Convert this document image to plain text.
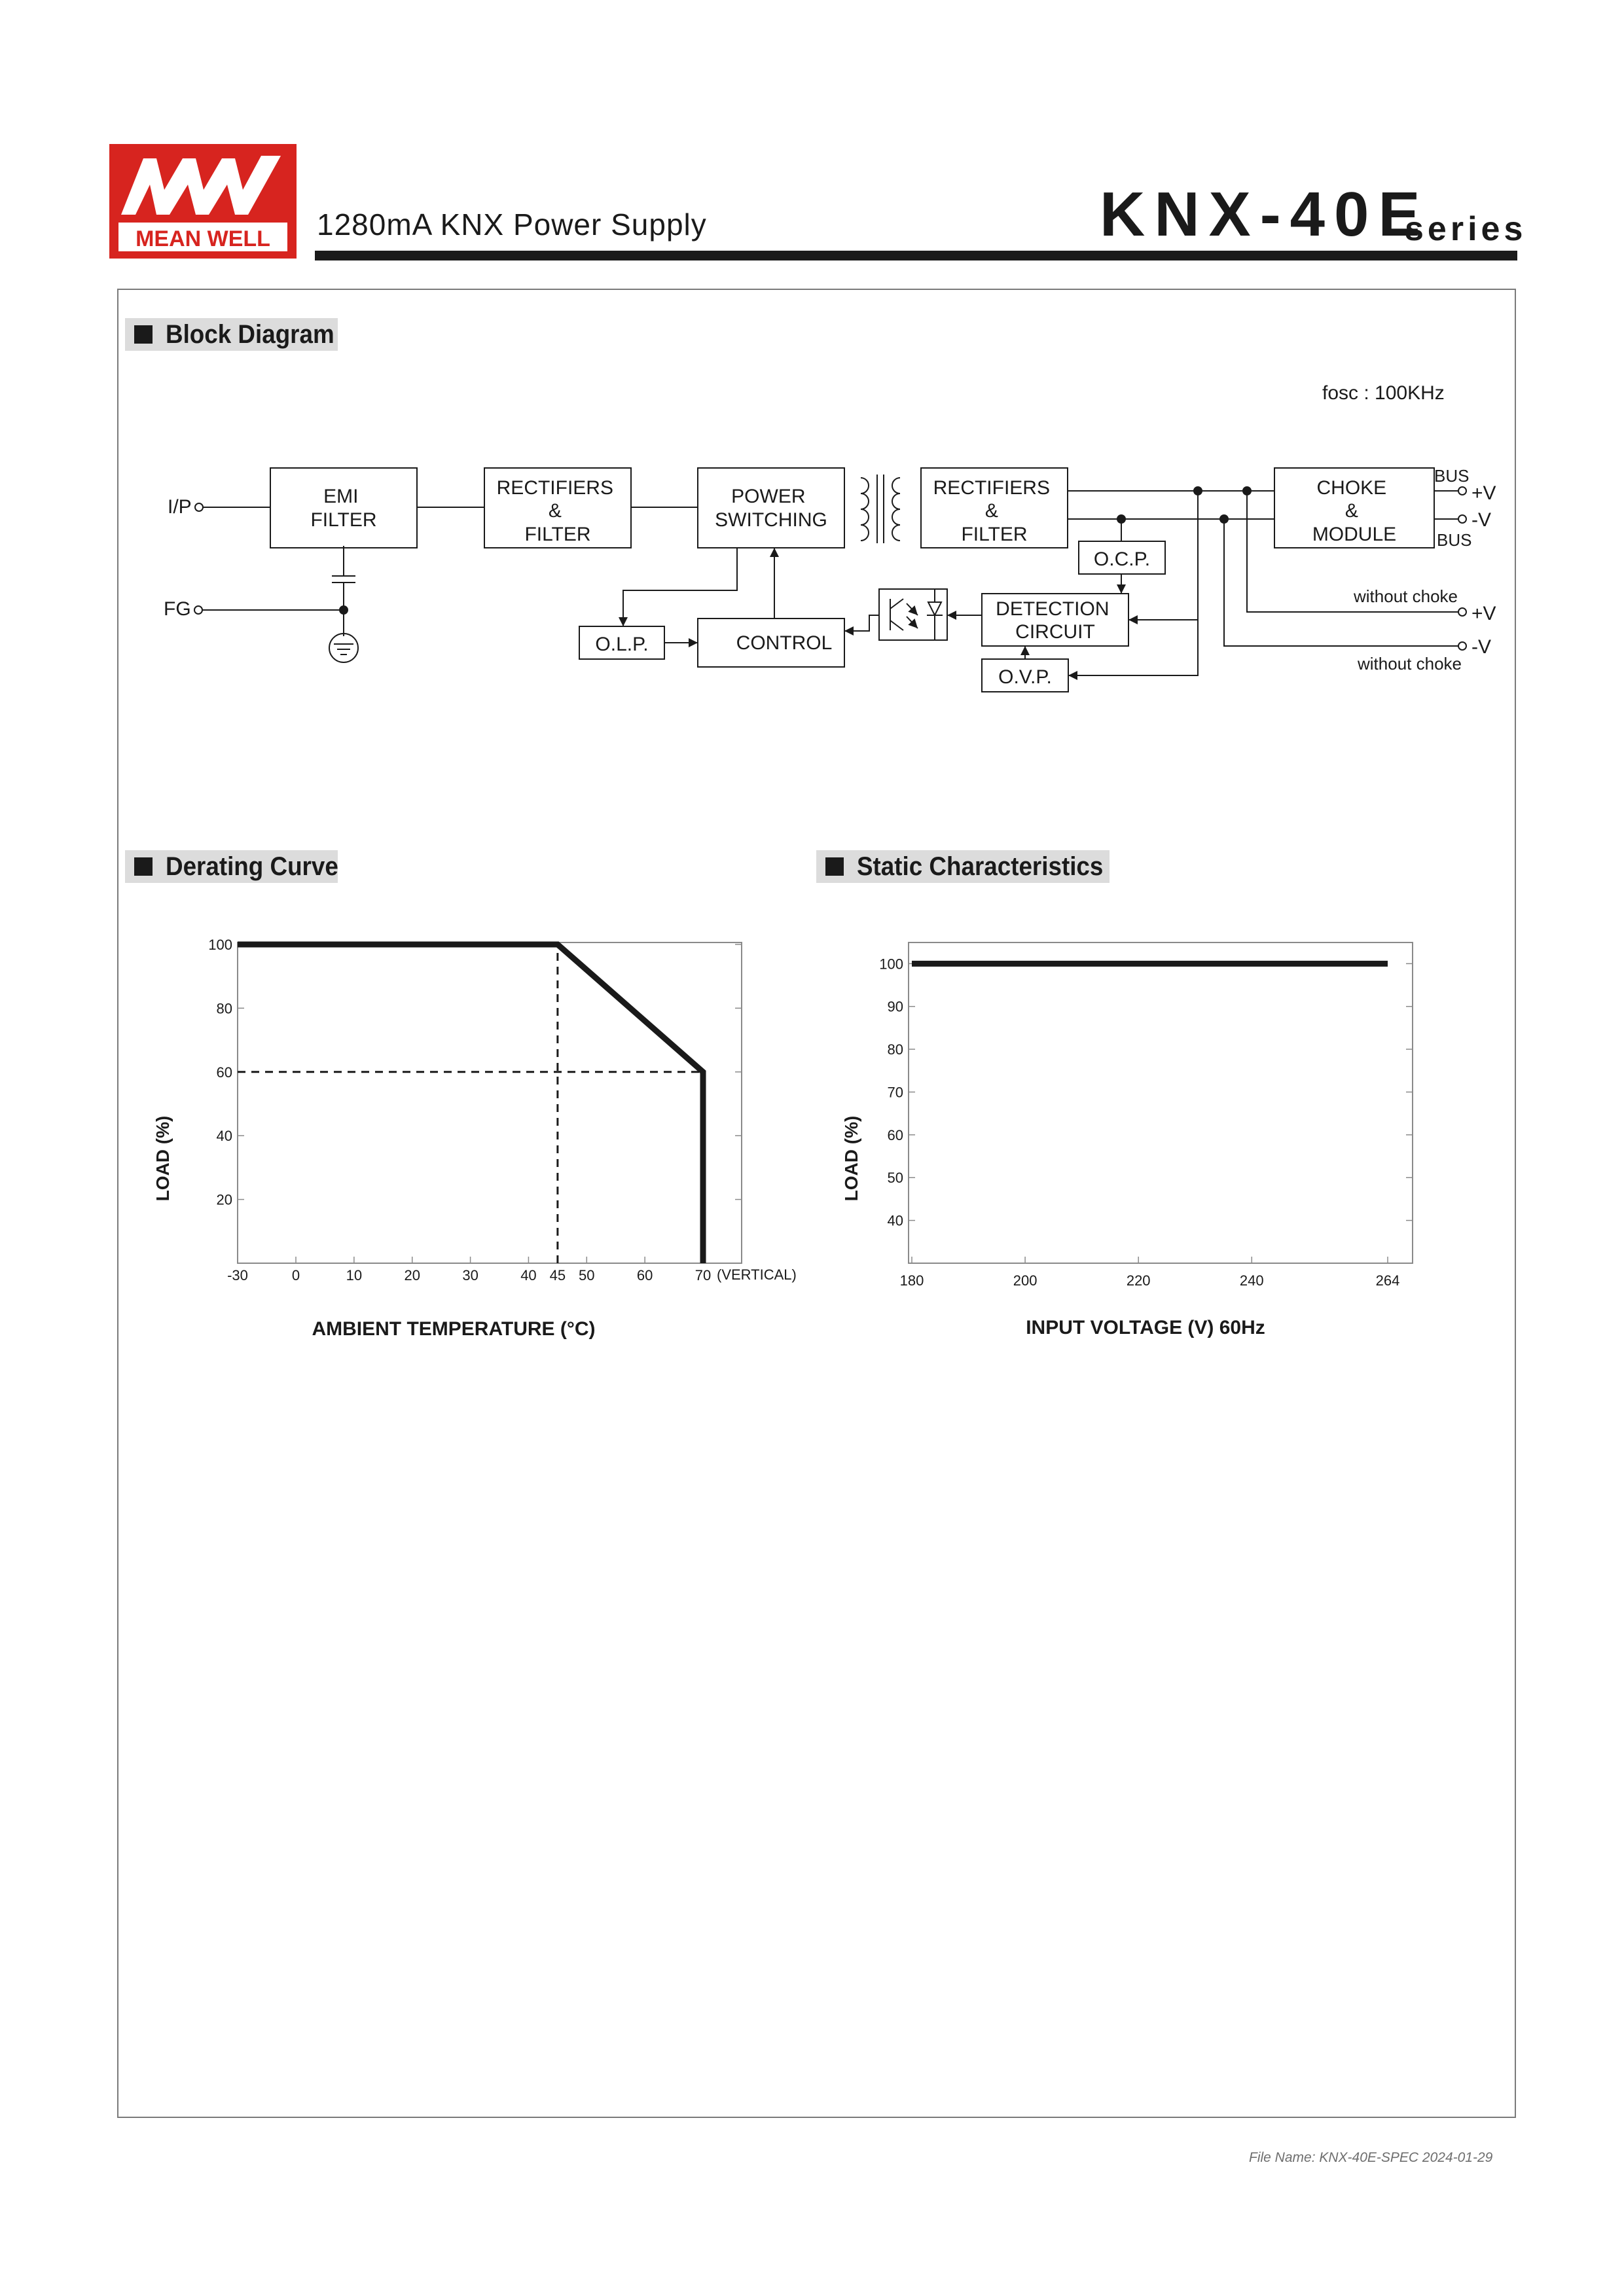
MEAN WELL 1280mA KNX Power Supply	KNX-40E
series
Block Diagram
Derating Curve	Static Characteristics
fosc : 100KHz
I/P
FG
EMI FILTER
RECTIFIERS & FILTER
POWER SWITCHING
RECTIFIERS & FILTER
CHOKE & MODULE
BUS
+V
-V
BUS
without choke
+V
-V
without choke
O.C.P.
DETECTION CIRCUIT
O.V.P.
CONTROL
O.L.P.
-30	0	10	20	30	40 45 50	60	70
20
40
60
80
100
LOAD (%)
AMBIENT TEMPERATURE (°C)
(VERTICAL)	180	200	220	240	264
40
50
60
70
80
90
100
LOAD (%)
INPUT VOLTAGE (V) 60Hz
File Name: KNX-40E-SPEC 2024-01-29
